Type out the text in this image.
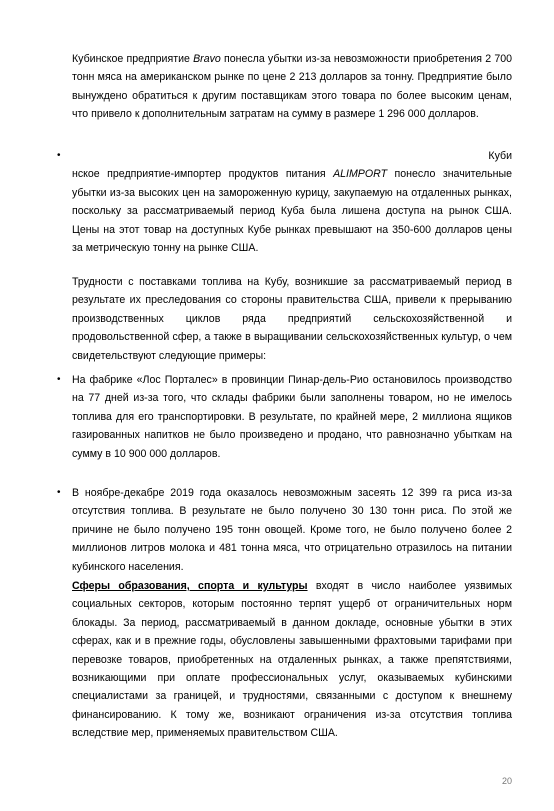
Кубинское предприятие Bravo понесла убытки из-за невозможности приобретения 2 700 тонн мяса на американском рынке по цене 2 213 долларов за тонну. Предприятие было вынуждено обратиться к другим поставщикам этого товара по более высоким ценам, что привело к дополнительным затратам на сумму в размере 1 296 000 долларов.

•	Куби
нское предприятие-импортер продуктов питания ALIMPORT понесло значительные убытки из-за высоких цен на замороженную курицу, закупаемую на отдаленных рынках, поскольку за рассматриваемый период Куба была лишена доступа на рынок США. Цены на этот товар на доступных Кубе рынках превышают на 350-600 долларов цены за метрическую тонну на рынке США.

Трудности с поставками топлива на Кубу, возникшие за рассматриваемый период в результате их преследования со стороны правительства США, привели к прерыванию производственных циклов ряда предприятий сельскохозяйственной и продовольственной сфер, а также в выращивании сельскохозяйственных культур, о чем свидетельствуют следующие примеры:

• На фабрике «Лос Порталес» в провинции Пинар-дель-Рио остановилось производство на 77 дней из-за того, что склады фабрики были заполнены товаром, но не имелось топлива для его транспортировки. В результате, по крайней мере, 2 миллиона ящиков газированных напитков не было произведено и продано, что равнозначно убыткам на сумму в 10 900 000 долларов.

• В ноябре-декабре 2019 года оказалось невозможным засеять 12 399 га риса из-за отсутствия топлива. В результате не было получено 30 130 тонн риса. По этой же причине не было получено 195 тонн овощей. Кроме того, не было получено более 2 миллионов литров молока и 481 тонна мяса, что отрицательно отразилось на питании кубинского населения.

Сферы образования, спорта и культуры входят в число наиболее уязвимых социальных секторов, которым постоянно терпят ущерб от ограничительных норм блокады. За период, рассматриваемый в данном докладе, основные убытки в этих сферах, как и в прежние годы, обусловлены завышенными фрахтовыми тарифами при перевозке товаров, приобретенных на отдаленных рынках, а также препятствиями, возникающими при оплате профессиональных услуг, оказываемых кубинскими специалистами за границей, и трудностями, связанными с доступом к внешнему финансированию. К тому же, возникают ограничения из-за отсутствия топлива вследствие мер, применяемых правительством США.

20
